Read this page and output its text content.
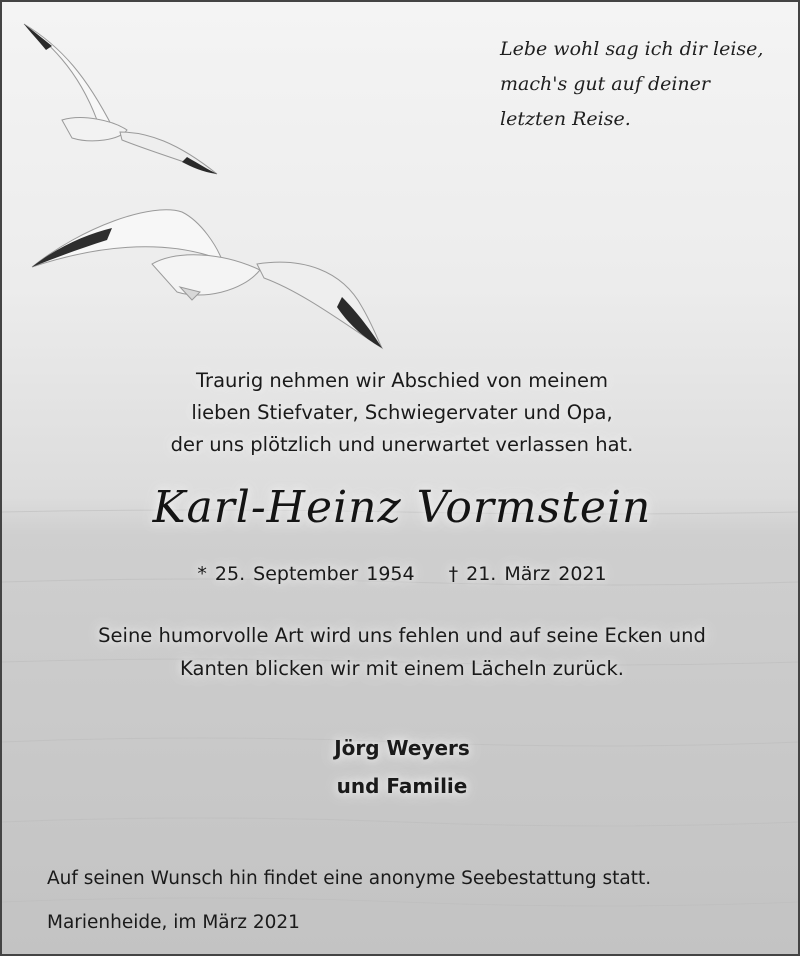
Lebe wohl sag ich dir leise,
mach's gut auf deiner
letzten Reise.
Traurig nehmen wir Abschied von meinem
lieben Stiefvater, Schwiegervater und Opa,
der uns plötzlich und unerwartet verlassen hat.
Karl-Heinz Vormstein
* 25. September 1954 † 21. März 2021
Seine humorvolle Art wird uns fehlen und auf seine Ecken und
Kanten blicken wir mit einem Lächeln zurück.
Jörg Weyers
und Familie
Auf seinen Wunsch hin findet eine anonyme Seebestattung statt.
Marienheide, im März 2021
